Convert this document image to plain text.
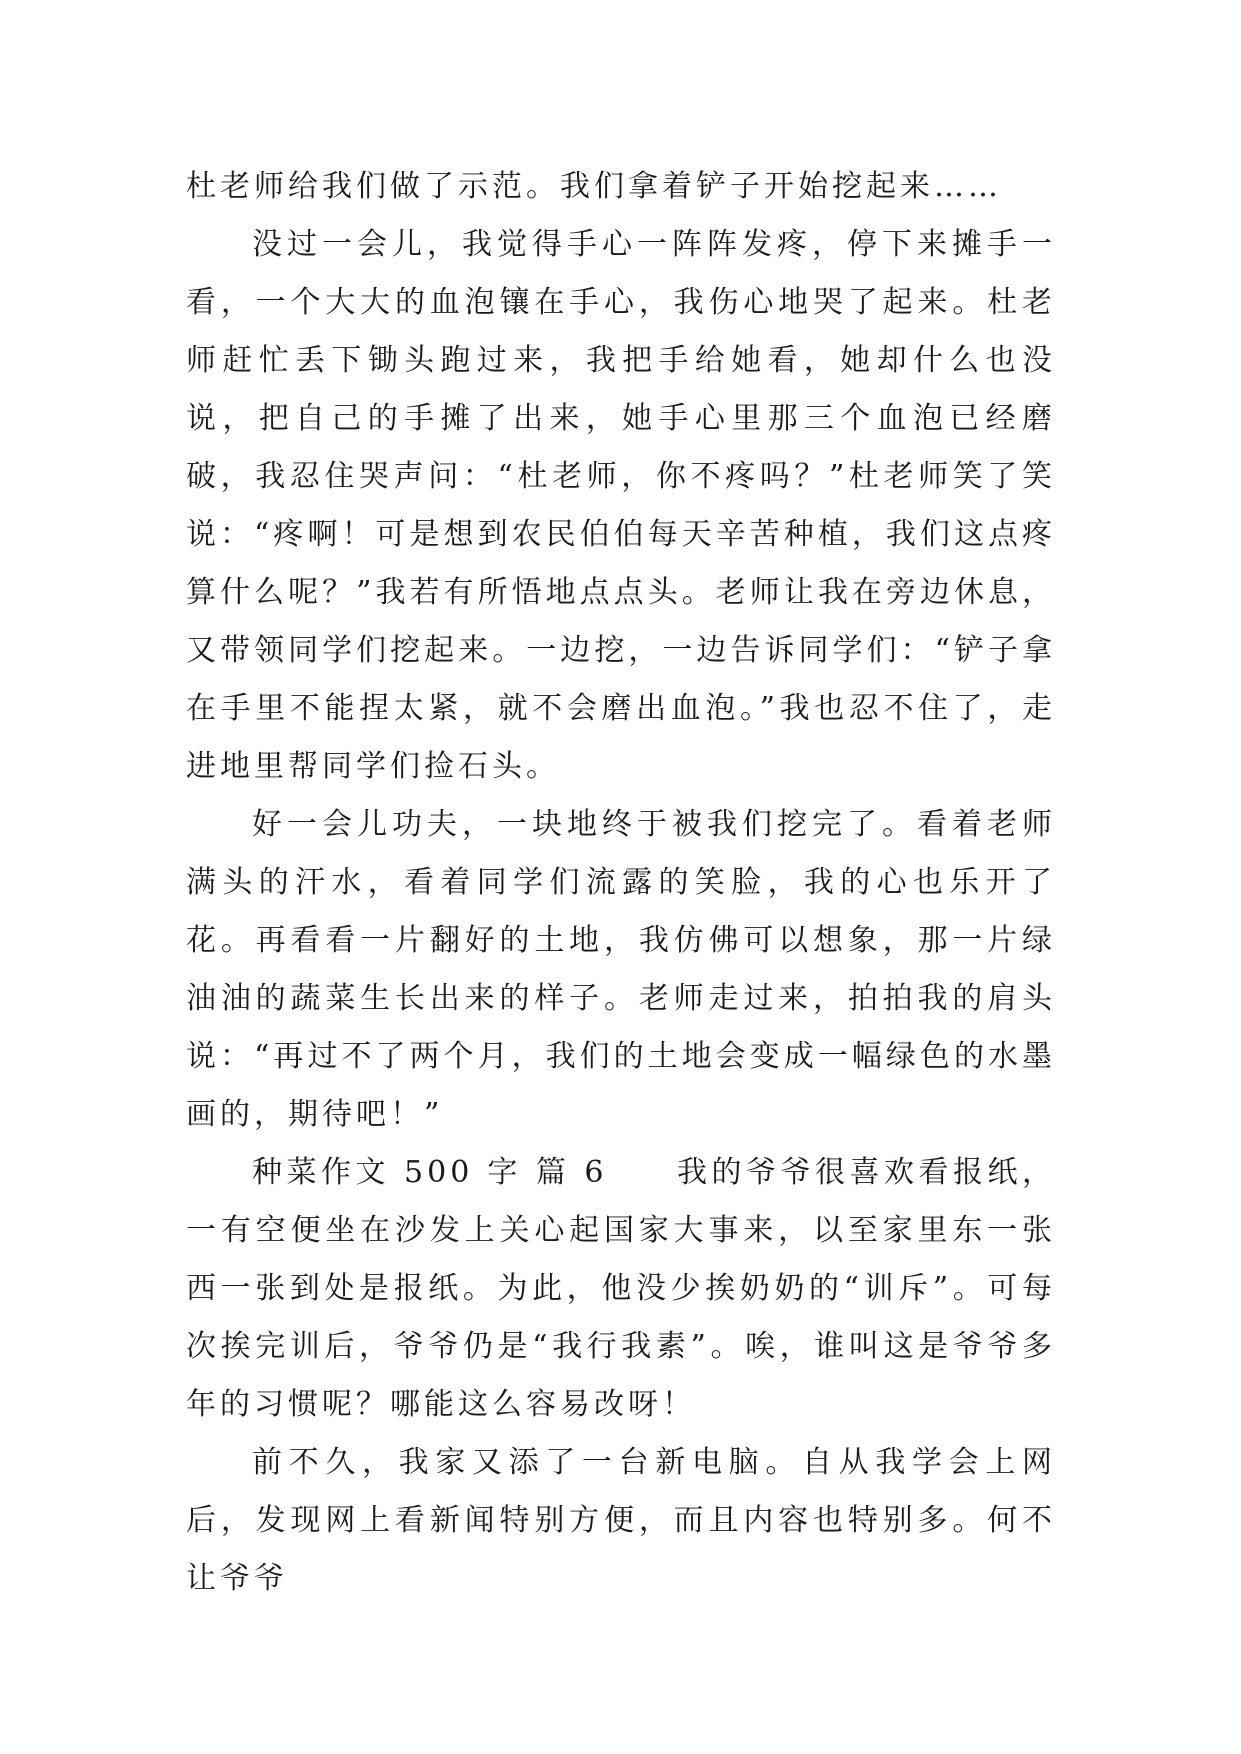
杜老师给我们做了示范。我们拿着铲子开始挖起来……

没过一会儿，我觉得手心一阵阵发疼，停下来摊手一看，一个大大的血泡镶在手心，我伤心地哭了起来。杜老师赶忙丢下锄头跑过来，我把手给她看，她却什么也没说，把自己的手摊了出来，她手心里那三个血泡已经磨破，我忍住哭声问：“杜老师，你不疼吗？”杜老师笑了笑说：“疼啊！可是想到农民伯伯每天辛苦种植，我们这点疼算什么呢？”我若有所悟地点点头。老师让我在旁边休息，又带领同学们挖起来。一边挖，一边告诉同学们：“铲子拿在手里不能捏太紧，就不会磨出血泡。”我也忍不住了，走进地里帮同学们捡石头。

好一会儿功夫，一块地终于被我们挖完了。看着老师满头的汗水，看着同学们流露的笑脸，我的心也乐开了花。再看看一片翻好的土地，我仿佛可以想象，那一片绿油油的蔬菜生长出来的样子。老师走过来，拍拍我的肩头说：“再过不了两个月，我们的土地会变成一幅绿色的水墨画的，期待吧！”

种菜作文 500 字 篇 6　　我的爷爷很喜欢看报纸，一有空便坐在沙发上关心起国家大事来，以至家里东一张西一张到处是报纸。为此，他没少挨奶奶的“训斥”。可每次挨完训后，爷爷仍是“我行我素”。唉，谁叫这是爷爷多年的习惯呢？哪能这么容易改呀！

前不久，我家又添了一台新电脑。自从我学会上网后，发现网上看新闻特别方便，而且内容也特别多。何不让爷爷
